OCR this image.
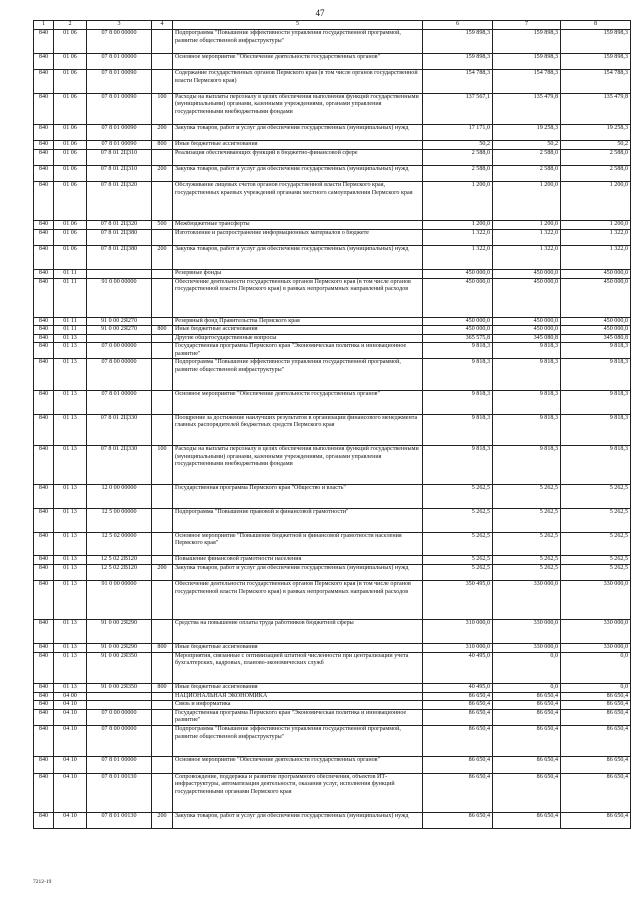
47
1	2	3	4	5	6	7	8
840	01 06	07 8 00 00000		Подпрограмма "Повышение эффективности управления государственной программой, развитие общественной инфраструктуры"	159 898,3	159 898,3	159 898,3
840	01 06	07 8 01 00000		Основное мероприятие "Обеспечение деятельности государственных органов"	159 898,3	159 898,3	159 898,3
840	01 06	07 8 01 00090		Содержание государственных органов Пермского края (в том числе органов государственной власти Пермского края)	154 788,3	154 788,3	154 788,3
840	01 06	07 8 01 00090	100	Расходы на выплаты персоналу в целях обеспечения выполнения функций государственными (муниципальными) органами, казенными учреждениями, органами управления государственными внебюджетными фондами	137 567,1	135 479,8	135 479,8
840	01 06	07 8 01 00090	200	Закупка товаров, работ и услуг для обеспечения государственных (муниципальных) нужд	17 171,0	19 258,3	19 258,3
840	01 06	07 8 01 00090	800	Иные бюджетные ассигнования	50,2	50,2	50,2
840	01 06	07 8 01 2Ц310		Реализация обеспечивающих функций в бюджетно-финансовой сфере	2 588,0	2 588,0	2 588,0
840	01 06	07 8 01 2Ц310	200	Закупка товаров, работ и услуг для обеспечения государственных (муниципальных) нужд	2 588,0	2 588,0	2 588,0
840	01 06	07 8 01 2Ц320		Обслуживание лицевых счетов органов государственной власти Пермского края, государственных краевых учреждений органами местного самоуправления Пермского края	1 200,0	1 200,0	1 200,0
840	01 06	07 8 01 2Ц320	500	Межбюджетные трансферты	1 200,0	1 200,0	1 200,0
840	01 06	07 8 01 2Ц380		Изготовление и распространение информационных материалов о бюджете	1 322,0	1 322,0	1 322,0
840	01 06	07 8 01 2Ц380	200	Закупка товаров, работ и услуг для обеспечения государственных (муниципальных) нужд	1 322,0	1 322,0	1 322,0
840	01 11			Резервные фонды	450 000,0	450 000,0	450 000,0
840	01 11	91 0 00 00000		Обеспечение деятельности государственных органов Пермского края (в том числе органов государственной власти Пермского края) в рамках непрограммных направлений расходов	450 000,0	450 000,0	450 000,0
840	01 11	91 0 00 2Я270		Резервный фонд Правительства Пермского края	450 000,0	450 000,0	450 000,0
840	01 11	91 0 00 2Я270	800	Иные бюджетные ассигнования	450 000,0	450 000,0	450 000,0
840	01 13			Другие общегосударственные вопросы	365 575,8	345 080,8	345 080,8
840	01 13	07 0 00 00000		Государственная программа Пермского края "Экономическая политика и инновационное развитие"	9 818,3	9 818,3	9 818,3
840	01 13	07 8 00 00000		Подпрограмма "Повышение эффективности управления государственной программой, развитие общественной инфраструктуры"	9 818,3	9 818,3	9 818,3
840	01 13	07 8 01 00000		Основное мероприятие "Обеспечение деятельности государственных органов"	9 818,3	9 818,3	9 818,3
840	01 13	07 8 01 2Ц330		Поощрение за достижение наилучших результатов в организации финансового менеджмента главных распорядителей бюджетных средств Пермского края	9 818,3	9 818,3	9 818,3
840	01 13	07 8 01 2Ц330	100	Расходы на выплаты персоналу в целях обеспечения выполнения функций государственными (муниципальными) органами, казенными учреждениями, органами управления государственными внебюджетными фондами	9 818,3	9 818,3	9 818,3
840	01 13	12 0 00 00000		Государственная программа Пермского края "Общество и власть"	5 262,5	5 262,5	5 262,5
840	01 13	12 5 00 00000		Подпрограмма "Повышение правовой и финансовой грамотности"	5 262,5	5 262,5	5 262,5
840	01 13	12 5 02 00000		Основное мероприятие "Повышение бюджетной и финансовой грамотности населения Пермского края"	5 262,5	5 262,5	5 262,5
840	01 13	12 5 02 2В120		Повышение финансовой грамотности населения	5 262,5	5 262,5	5 262,5
840	01 13	12 5 02 2В120	200	Закупка товаров, работ и услуг для обеспечения государственных (муниципальных) нужд	5 262,5	5 262,5	5 262,5
840	01 13	91 0 00 00000		Обеспечение деятельности государственных органов Пермского края (в том числе органов государственной власти Пермского края) в рамках непрограммных направлений расходов	350 495,0	330 000,0	330 000,0
840	01 13	91 0 00 2Я290		Средства на повышение оплаты труда работников бюджетной сферы	310 000,0	330 000,0	330 000,0
840	01 13	91 0 00 2Я290	800	Иные бюджетные ассигнования	310 000,0	330 000,0	330 000,0
840	01 13	91 0 00 2Я350		Мероприятия, связанные с оптимизацией штатной численности при централизации учета бухгалтерских, кадровых, планово-экономических служб	40 495,0	0,0	0,0
840	01 13	91 0 00 2Я350	800	Иные бюджетные ассигнования	40 495,0	0,0	0,0
840	04 00			НАЦИОНАЛЬНАЯ ЭКОНОМИКА	86 650,4	86 650,4	86 650,4
840	04 10			Связь и информатика	86 650,4	86 650,4	86 650,4
840	04 10	07 0 00 00000		Государственная программа Пермского края "Экономическая политика и инновационное развитие"	86 650,4	86 650,4	86 650,4
840	04 10	07 8 00 00000		Подпрограмма "Повышение эффективности управления государственной программой, развитие общественной инфраструктуры"	86 650,4	86 650,4	86 650,4
840	04 10	07 8 01 00000		Основное мероприятие "Обеспечение деятельности государственных органов"	86 650,4	86 650,4	86 650,4
840	04 10	07 8 01 00130		Сопровождение, поддержка и развитие программного обеспечения, объектов ИТ-инфраструктуры, автоматизация деятельности, оказания услуг, исполнения функций государственными органами Пермского края	86 650,4	86 650,4	86 650,4
840	04 10	07 8 01 00130	200	Закупка товаров, работ и услуг для обеспечения государственных (муниципальных) нужд	86 650,4	86 650,4	86 650,4
7212-19
